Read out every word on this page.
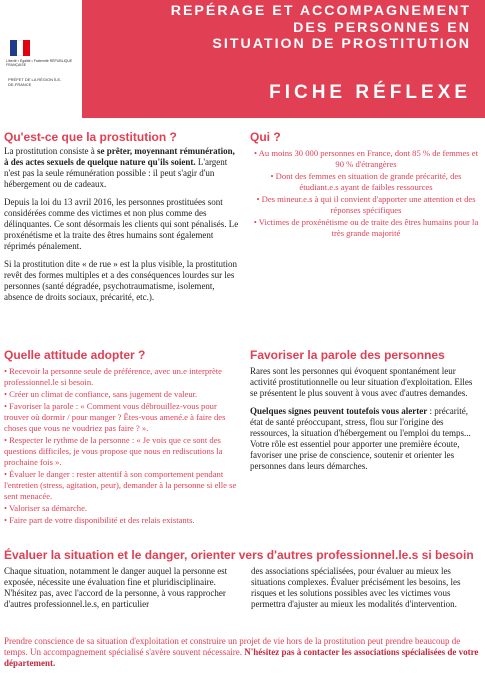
Liberté • Égalité • Fraternité RÉPUBLIQUE FRANÇAISE
PRÉFET DE LA RÉGION ÎLE-DE-FRANCE
REPÉRAGE ET ACCOMPAGNEMENT
DES PERSONNES EN
SITUATION DE PROSTITUTION
FICHE RÉFLEXE
Qu'est-ce que la prostitution ?

La prostitution consiste à se prêter, moyennant rémunération, à des actes sexuels de quelque nature qu'ils soient. L'argent n'est pas la seule rémunération possible : il peut s'agir d'un hébergement ou de cadeaux.

Depuis la loi du 13 avril 2016, les personnes prostituées sont considérées comme des victimes et non plus comme des délinquantes. Ce sont désormais les clients qui sont pénalisés. Le proxénétisme et la traite des êtres humains sont également réprimés pénalement.

Si la prostitution dite « de rue » est la plus visible, la prostitution revêt des formes multiples et a des conséquences lourdes sur les personnes (santé dégradée, psychotraumatisme, isolement, absence de droits sociaux, précarité, etc.).

Qui ?
• Au moins 30 000 personnes en France, dont 85 % de femmes et 90 % d'étrangères
• Dont des femmes en situation de grande précarité, des étudiant.e.s ayant de faibles ressources
• Des mineur.e.s à qui il convient d'apporter une attention et des réponses spécifiques
• Victimes de proxénétisme ou de traite des êtres humains pour la très grande majorité
Quelle attitude adopter ?
• Recevoir la personne seule de préférence, avec un.e interprète professionnel.le si besoin.
• Créer un climat de confiance, sans jugement de valeur.
• Favoriser la parole : « Comment vous débrouillez-vous pour trouver où dormir / pour manger ? Êtes-vous amené.e à faire des choses que vous ne voudriez pas faire ? ».
• Respecter le rythme de la personne : « Je vois que ce sont des questions difficiles, je vous propose que nous en rediscutions la prochaine fois ».
• Évaluer le danger : rester attentif à son comportement pendant l'entretien (stress, agitation, peur), demander à la personne si elle se sent menacée.
• Valoriser sa démarche.
• Faire part de votre disponibilité et des relais existants.
Favoriser la parole des personnes

Rares sont les personnes qui évoquent spontanément leur activité prostitutionnelle ou leur situation d'exploitation. Elles se présentent le plus souvent à vous avec d'autres demandes.

Quelques signes peuvent toutefois vous alerter : précarité, état de santé préoccupant, stress, flou sur l'origine des ressources, la situation d'hébergement ou l'emploi du temps... Votre rôle est essentiel pour apporter une première écoute, favoriser une prise de conscience, soutenir et orienter les personnes dans leurs démarches.

Évaluer la situation et le danger, orienter vers d'autres professionnel.le.s si besoin
Chaque situation, notamment le danger auquel la personne est exposée, nécessite une évaluation fine et pluridisciplinaire. N'hésitez pas, avec l'accord de la personne, à vous rapprocher d'autres professionnel.le.s, en particulier
des associations spécialisées, pour évaluer au mieux les situations complexes. Évaluer précisément les besoins, les risques et les solutions possibles avec les victimes vous permettra d'ajuster au mieux les modalités d'intervention.
Prendre conscience de sa situation d'exploitation et construire un projet de vie hors de la prostitution peut prendre beaucoup de temps. Un accompagnement spécialisé s'avère souvent nécessaire. N'hésitez pas à contacter les associations spécialisées de votre département.
